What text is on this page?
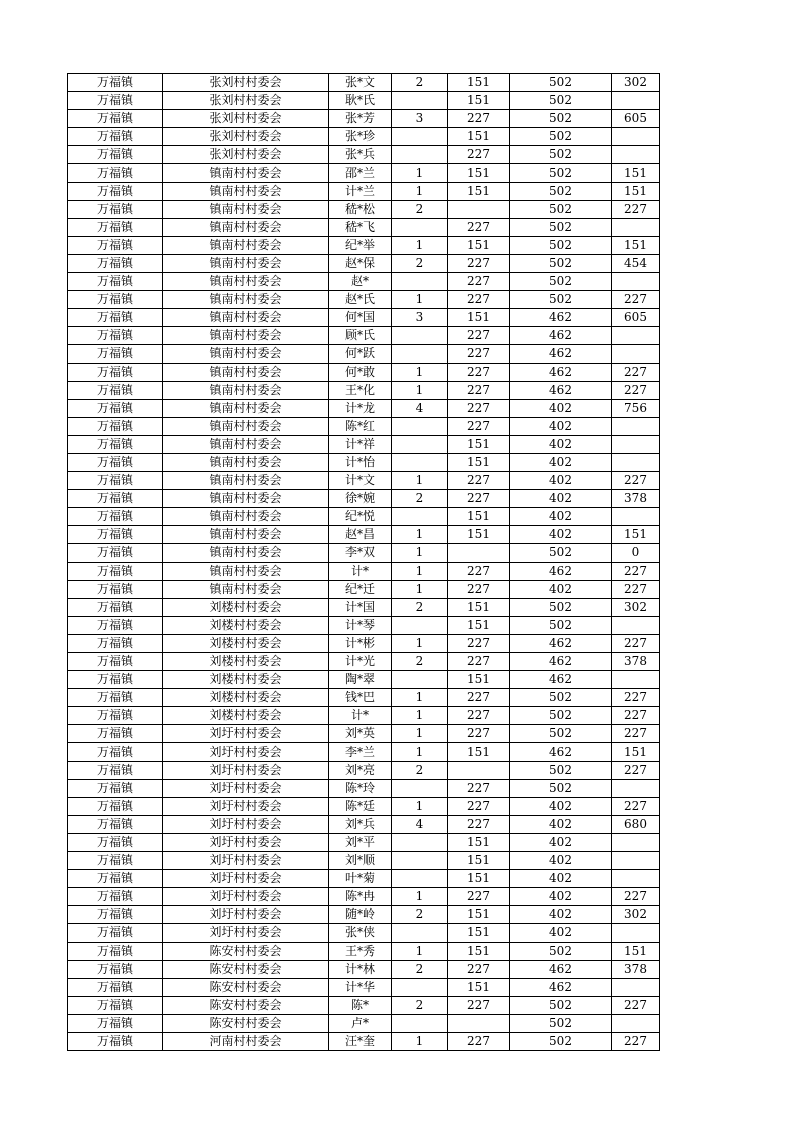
万福镇	张刘村村委会	张*文	2	151	502	302
万福镇	张刘村村委会	耿*氏		151	502	
万福镇	张刘村村委会	张*芳	3	227	502	605
万福镇	张刘村村委会	张*珍		151	502	
万福镇	张刘村村委会	张*兵		227	502	
万福镇	镇南村村委会	邵*兰	1	151	502	151
万福镇	镇南村村委会	计*兰	1	151	502	151
万福镇	镇南村村委会	嵇*松	2		502	227
万福镇	镇南村村委会	嵇*飞		227	502	
万福镇	镇南村村委会	纪*举	1	151	502	151
万福镇	镇南村村委会	赵*保	2	227	502	454
万福镇	镇南村村委会	赵*		227	502	
万福镇	镇南村村委会	赵*氏	1	227	502	227
万福镇	镇南村村委会	何*国	3	151	462	605
万福镇	镇南村村委会	顾*氏		227	462	
万福镇	镇南村村委会	何*跃		227	462	
万福镇	镇南村村委会	何*敢	1	227	462	227
万福镇	镇南村村委会	王*化	1	227	462	227
万福镇	镇南村村委会	计*龙	4	227	402	756
万福镇	镇南村村委会	陈*红		227	402	
万福镇	镇南村村委会	计*祥		151	402	
万福镇	镇南村村委会	计*怡		151	402	
万福镇	镇南村村委会	计*文	1	227	402	227
万福镇	镇南村村委会	徐*婉	2	227	402	378
万福镇	镇南村村委会	纪*悦		151	402	
万福镇	镇南村村委会	赵*昌	1	151	402	151
万福镇	镇南村村委会	李*双	1		502	0
万福镇	镇南村村委会	计*	1	227	462	227
万福镇	镇南村村委会	纪*迁	1	227	402	227
万福镇	刘楼村村委会	计*国	2	151	502	302
万福镇	刘楼村村委会	计*琴		151	502	
万福镇	刘楼村村委会	计*彬	1	227	462	227
万福镇	刘楼村村委会	计*光	2	227	462	378
万福镇	刘楼村村委会	陶*翠		151	462	
万福镇	刘楼村村委会	钱*巴	1	227	502	227
万福镇	刘楼村村委会	计*	1	227	502	227
万福镇	刘圩村村委会	刘*英	1	227	502	227
万福镇	刘圩村村委会	李*兰	1	151	462	151
万福镇	刘圩村村委会	刘*亮	2		502	227
万福镇	刘圩村村委会	陈*玲		227	502	
万福镇	刘圩村村委会	陈*廷	1	227	402	227
万福镇	刘圩村村委会	刘*兵	4	227	402	680
万福镇	刘圩村村委会	刘*平		151	402	
万福镇	刘圩村村委会	刘*顺		151	402	
万福镇	刘圩村村委会	叶*菊		151	402	
万福镇	刘圩村村委会	陈*冉	1	227	402	227
万福镇	刘圩村村委会	随*岭	2	151	402	302
万福镇	刘圩村村委会	张*侠		151	402	
万福镇	陈安村村委会	王*秀	1	151	502	151
万福镇	陈安村村委会	计*林	2	227	462	378
万福镇	陈安村村委会	计*华		151	462	
万福镇	陈安村村委会	陈*	2	227	502	227
万福镇	陈安村村委会	卢*			502	
万福镇	河南村村委会	汪*奎	1	227	502	227
